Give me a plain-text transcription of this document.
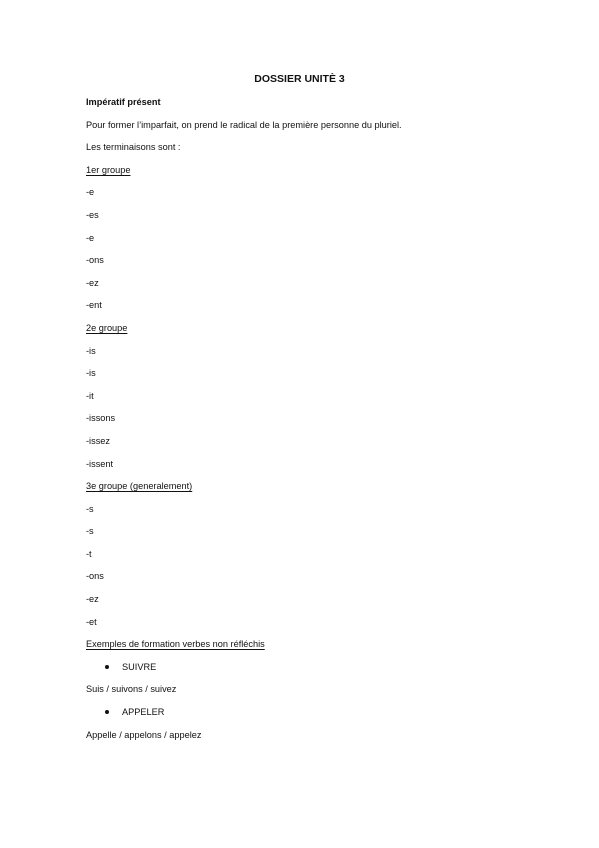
DOSSIER UNITÈ 3
Impératif présent
Pour former l’imparfait, on prend le radical de la première personne du pluriel.
Les terminaisons sont :
1er groupe
-e
-es
-e
-ons
-ez
-ent
2e groupe
-is
-is
-it
-issons
-issez
-issent
3e groupe (generalement)
-s
-s
-t
-ons
-ez
-et
Exemples de formation verbes non réfléchis
SUIVRE
Suis / suivons / suivez
APPELER
Appelle / appelons / appelez
